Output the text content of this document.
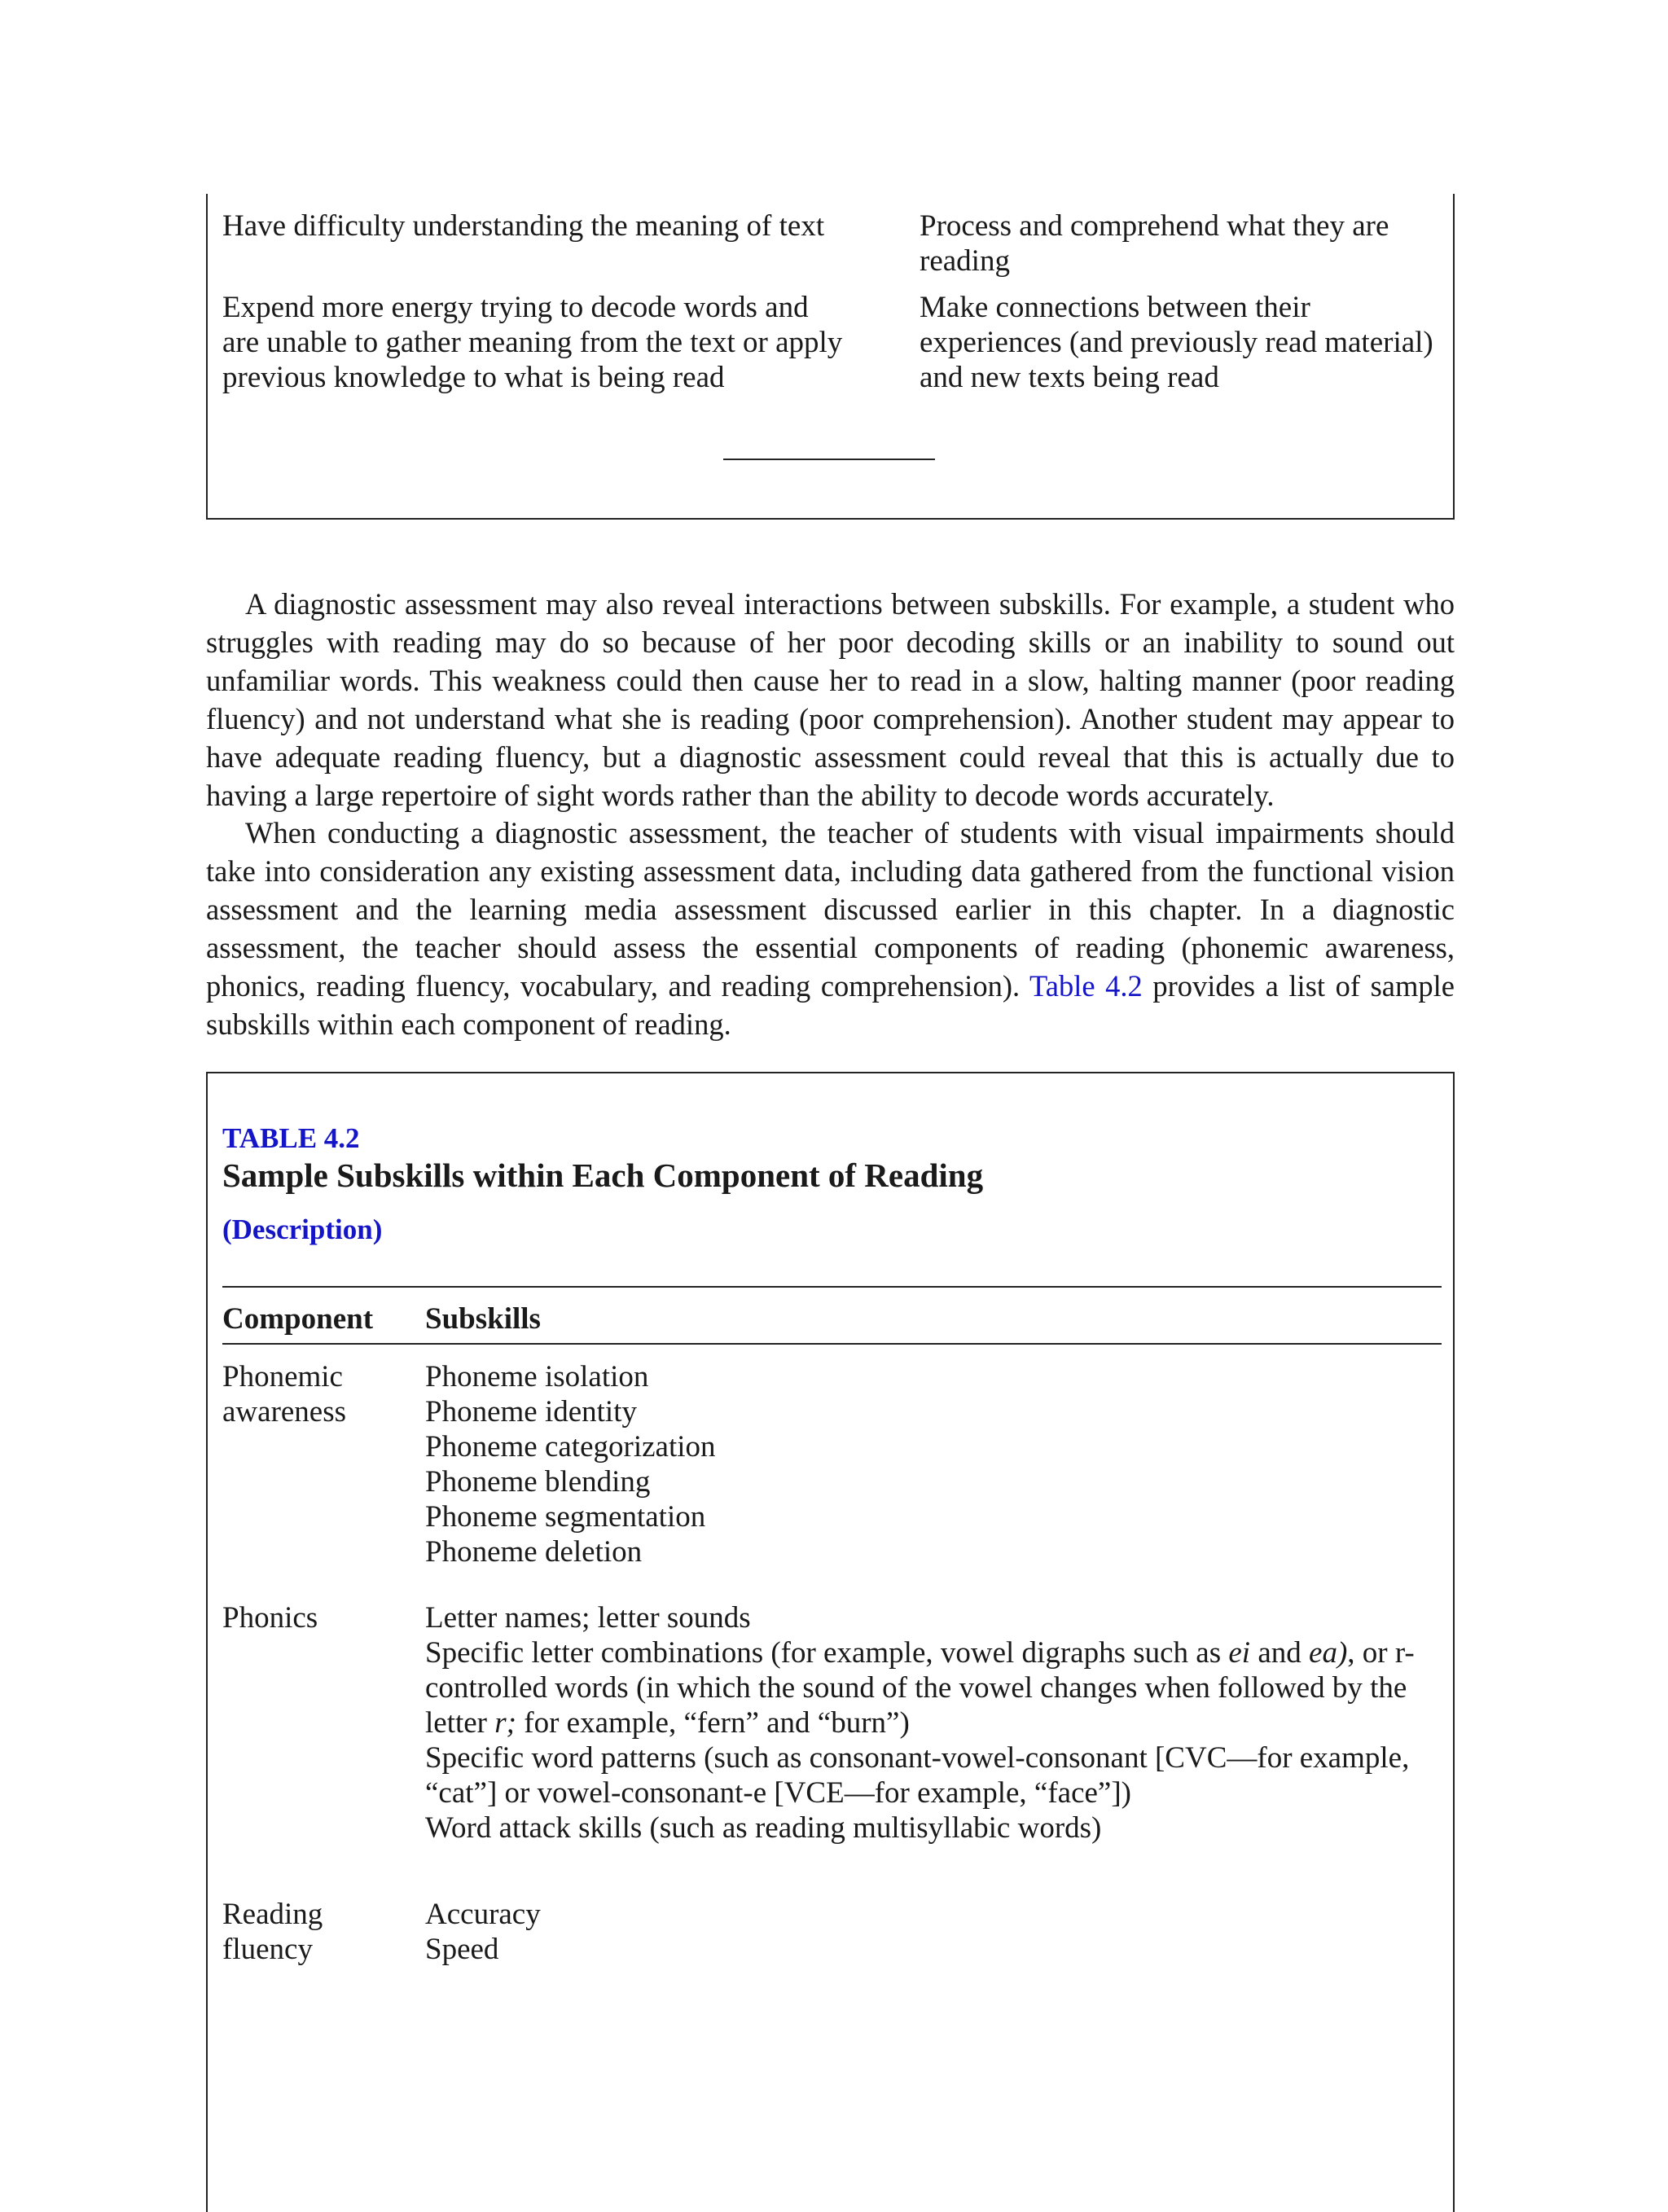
Have difficulty understanding the meaning of text	Process and comprehend what they are reading
Expend more energy trying to decode words and are unable to gather meaning from the text or apply previous knowledge to what is being read
Make connections between their experiences (and previously read material) and new texts being read
A diagnostic assessment may also reveal interactions between subskills. For example, a student who struggles with reading may do so because of her poor decoding skills or an inability to sound out unfamiliar words. This weakness could then cause her to read in a slow, halting manner (poor reading fluency) and not understand what she is reading (poor comprehension). Another student may appear to have adequate reading fluency, but a diagnostic assessment could reveal that this is actually due to having a large repertoire of sight words rather than the ability to decode words accurately.
When conducting a diagnostic assessment, the teacher of students with visual impairments should take into consideration any existing assessment data, including data gathered from the functional vision assessment and the learning media assessment discussed earlier in this chapter. In a diagnostic assessment, the teacher should assess the essential components of reading (phonemic awareness, phonics, reading fluency, vocabulary, and reading comprehension). Table 4.2 provides a list of sample subskills within each component of reading.
TABLE 4.2
Sample Subskills within Each Component of Reading
(Description)
Component Subskills
Phonemic
awareness
Phoneme isolation
Phoneme identity
Phoneme categorization
Phoneme blending
Phoneme segmentation
Phoneme deletion
Phonics	Letter names; letter sounds
Specific letter combinations (for example, vowel digraphs such as ei and ea), or r-controlled words (in which the sound of the vowel changes when followed by the letter r; for example, “fern” and “burn”)
Specific word patterns (such as consonant-vowel-consonant [CVC—for example, “cat”] or vowel-consonant-e [VCE—for example, “face”])
Word attack skills (such as reading multisyllabic words)
Reading
fluency
Accuracy
Speed
